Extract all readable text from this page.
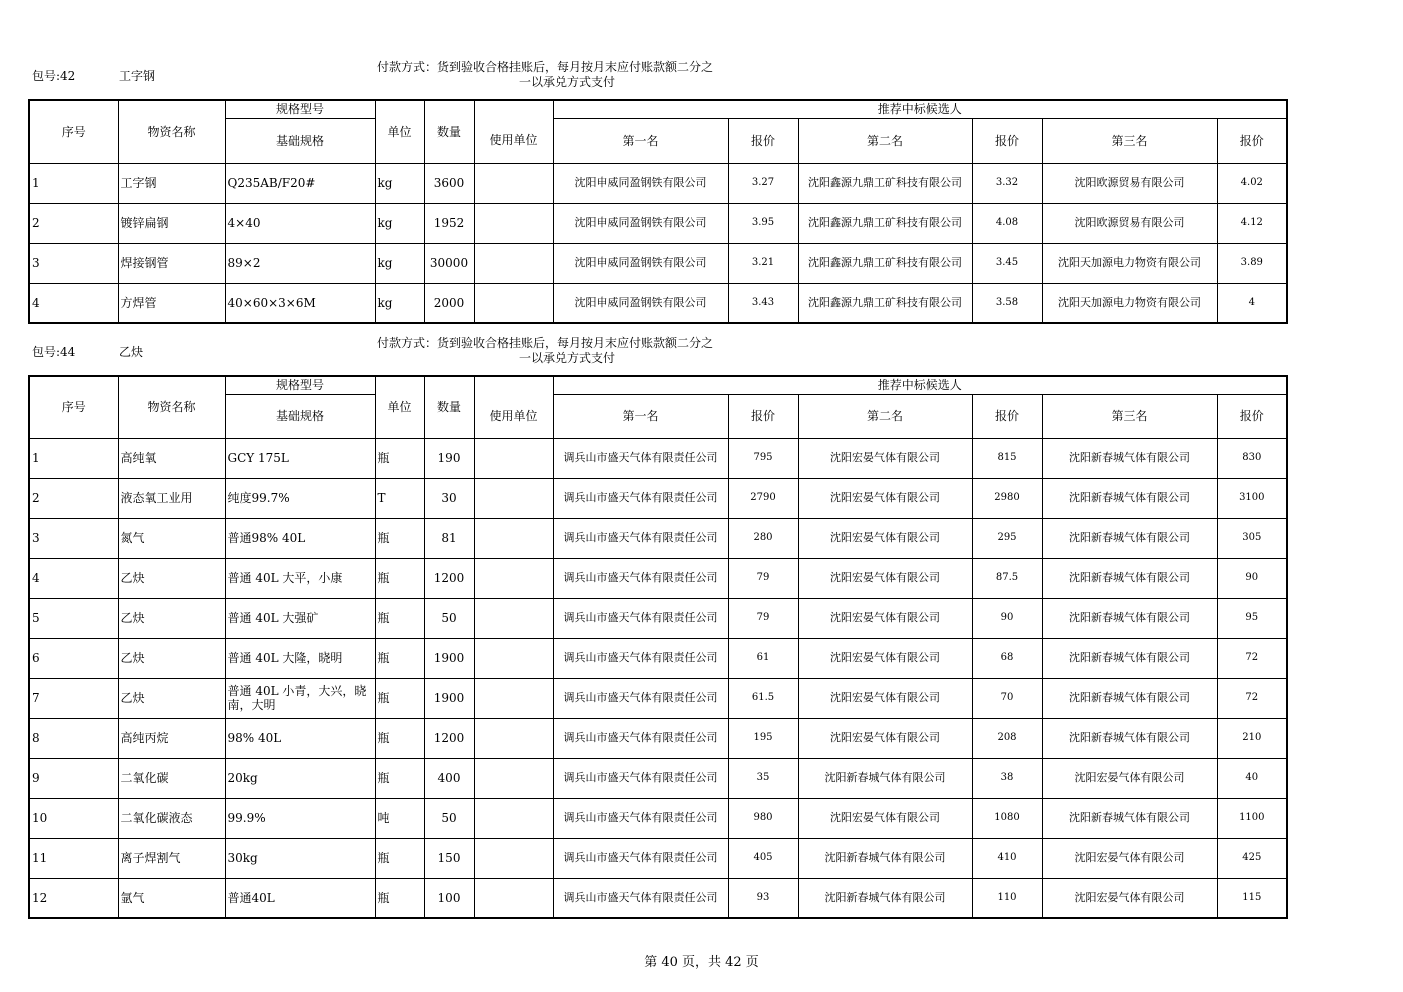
包号:42	工字钢
付款方式：货到验收合格挂账后，每月按月末应付账款额二分之
一以承兑方式支付
序号	物资名称	规格型号	单位	数量		推荐中标候选人					
		基础规格			使用单位	第一名	报价	第二名	报价	第三名	报价
1	工字钢	Q235AB/F20#	kg	3600		沈阳申威同盈钢铁有限公司	3.27	沈阳鑫源九鼎工矿科技有限公司	3.32	沈阳欧源贸易有限公司	4.02
2	镀锌扁钢	4×40	kg	1952		沈阳申威同盈钢铁有限公司	3.95	沈阳鑫源九鼎工矿科技有限公司	4.08	沈阳欧源贸易有限公司	4.12
3	焊接钢管	89×2	kg	30000		沈阳申威同盈钢铁有限公司	3.21	沈阳鑫源九鼎工矿科技有限公司	3.45	沈阳天加源电力物资有限公司	3.89
4	方焊管	40×60×3×6M	kg	2000		沈阳申威同盈钢铁有限公司	3.43	沈阳鑫源九鼎工矿科技有限公司	3.58	沈阳天加源电力物资有限公司	4
包号:44	乙炔
付款方式：货到验收合格挂账后，每月按月末应付账款额二分之
一以承兑方式支付
序号	物资名称	规格型号	单位	数量		推荐中标候选人					
		基础规格			使用单位	第一名	报价	第二名	报价	第三名	报价
1	高纯氧	GCY 175L	瓶	190		调兵山市盛天气体有限责任公司	795	沈阳宏晏气体有限公司	815	沈阳新春城气体有限公司	830
2	液态氧工业用	纯度99.7%	T	30		调兵山市盛天气体有限责任公司	2790	沈阳宏晏气体有限公司	2980	沈阳新春城气体有限公司	3100
3	氮气	普通98% 40L	瓶	81		调兵山市盛天气体有限责任公司	280	沈阳宏晏气体有限公司	295	沈阳新春城气体有限公司	305
4	乙炔	普通 40L 大平，小康	瓶	1200		调兵山市盛天气体有限责任公司	79	沈阳宏晏气体有限公司	87.5	沈阳新春城气体有限公司	90
5	乙炔	普通 40L 大强矿	瓶	50		调兵山市盛天气体有限责任公司	79	沈阳宏晏气体有限公司	90	沈阳新春城气体有限公司	95
6	乙炔	普通 40L 大隆，晓明	瓶	1900		调兵山市盛天气体有限责任公司	61	沈阳宏晏气体有限公司	68	沈阳新春城气体有限公司	72
7	乙炔	普通 40L 小青，大兴，晓南，大明	瓶	1900		调兵山市盛天气体有限责任公司	61.5	沈阳宏晏气体有限公司	70	沈阳新春城气体有限公司	72
8	高纯丙烷	98% 40L	瓶	1200		调兵山市盛天气体有限责任公司	195	沈阳宏晏气体有限公司	208	沈阳新春城气体有限公司	210
9	二氧化碳	20kg	瓶	400		调兵山市盛天气体有限责任公司	35	沈阳新春城气体有限公司	38	沈阳宏晏气体有限公司	40
10	二氧化碳液态	99.9%	吨	50		调兵山市盛天气体有限责任公司	980	沈阳宏晏气体有限公司	1080	沈阳新春城气体有限公司	1100
11	离子焊割气	30kg	瓶	150		调兵山市盛天气体有限责任公司	405	沈阳新春城气体有限公司	410	沈阳宏晏气体有限公司	425
12	氩气	普通40L	瓶	100		调兵山市盛天气体有限责任公司	93	沈阳新春城气体有限公司	110	沈阳宏晏气体有限公司	115
第 40 页，共 42 页
